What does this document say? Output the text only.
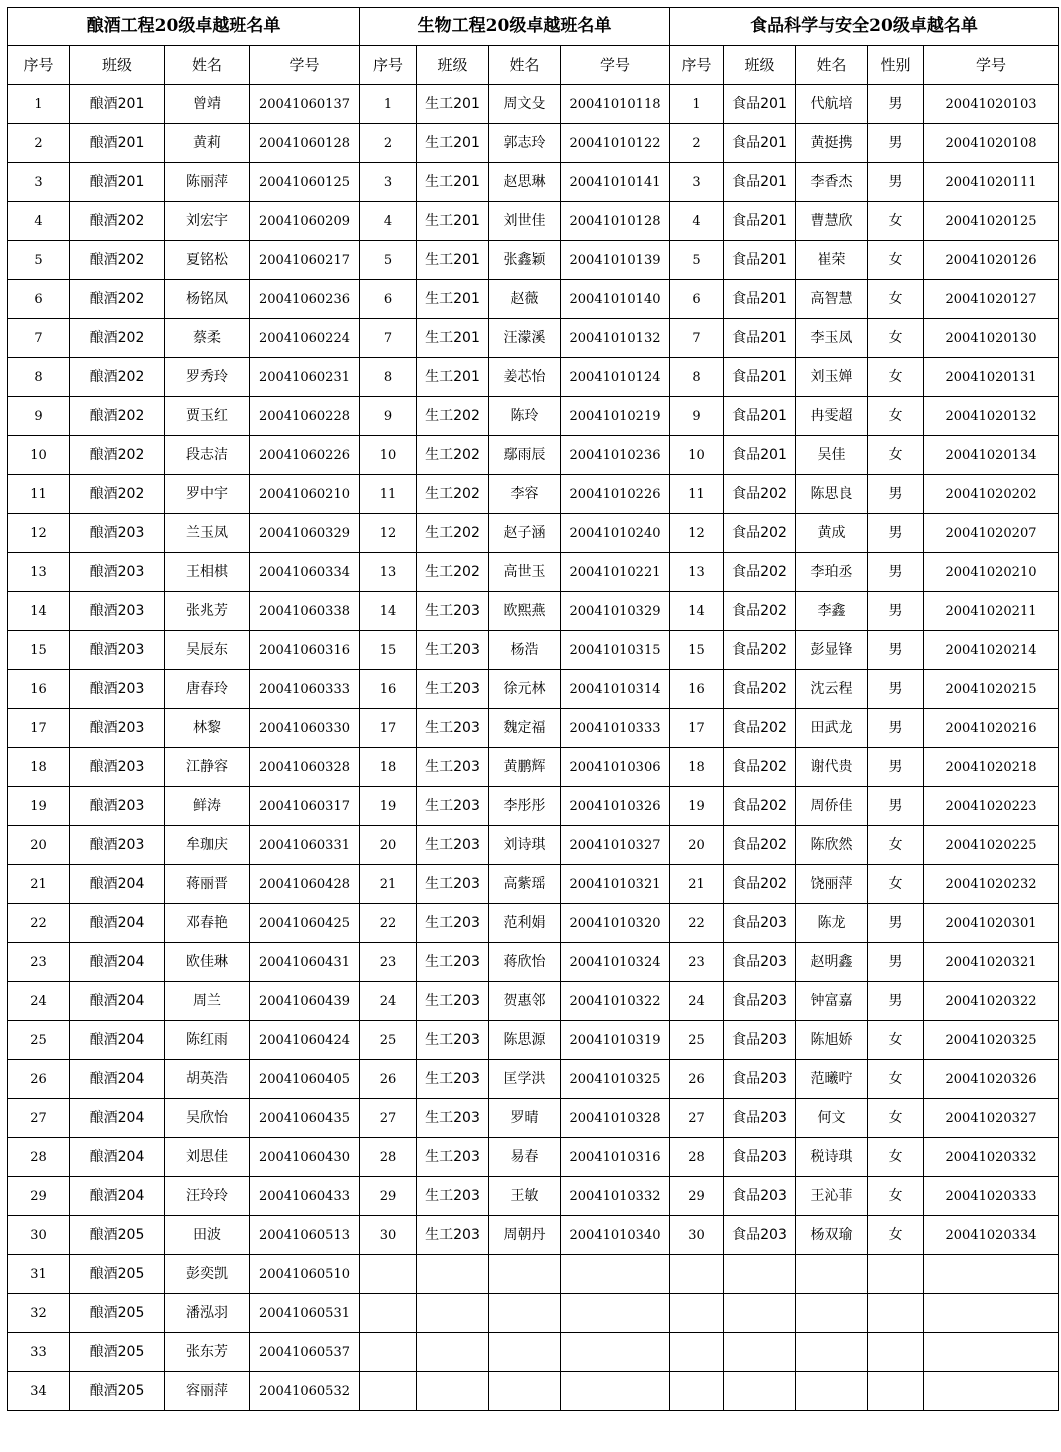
酿酒工程20级卓越班名单				生物工程20级卓越班名单				食品科学与安全20级卓越名单				
序号	班级	姓名	学号	序号	班级	姓名	学号	序号	班级	姓名	性别	学号
1	酿酒201	曾靖	20041060137	1	生工201	周文殳	20041010118	1	食品201	代航培	男	20041020103
2	酿酒201	黄莉	20041060128	2	生工201	郭志玲	20041010122	2	食品201	黄挺携	男	20041020108
3	酿酒201	陈丽萍	20041060125	3	生工201	赵思琳	20041010141	3	食品201	李香杰	男	20041020111
4	酿酒202	刘宏宇	20041060209	4	生工201	刘世佳	20041010128	4	食品201	曹慧欣	女	20041020125
5	酿酒202	夏铭松	20041060217	5	生工201	张鑫颖	20041010139	5	食品201	崔荣	女	20041020126
6	酿酒202	杨铭凤	20041060236	6	生工201	赵薇	20041010140	6	食品201	高智慧	女	20041020127
7	酿酒202	蔡柔	20041060224	7	生工201	汪濛溪	20041010132	7	食品201	李玉凤	女	20041020130
8	酿酒202	罗秀玲	20041060231	8	生工201	姜芯怡	20041010124	8	食品201	刘玉婵	女	20041020131
9	酿酒202	贾玉红	20041060228	9	生工202	陈玲	20041010219	9	食品201	冉雯超	女	20041020132
10	酿酒202	段志洁	20041060226	10	生工202	鄢雨辰	20041010236	10	食品201	吴佳	女	20041020134
11	酿酒202	罗中宇	20041060210	11	生工202	李容	20041010226	11	食品202	陈思良	男	20041020202
12	酿酒203	兰玉凤	20041060329	12	生工202	赵子涵	20041010240	12	食品202	黄成	男	20041020207
13	酿酒203	王相棋	20041060334	13	生工202	高世玉	20041010221	13	食品202	李珀丞	男	20041020210
14	酿酒203	张兆芳	20041060338	14	生工203	欧熙燕	20041010329	14	食品202	李鑫	男	20041020211
15	酿酒203	吴辰东	20041060316	15	生工203	杨浩	20041010315	15	食品202	彭显锋	男	20041020214
16	酿酒203	唐春玲	20041060333	16	生工203	徐元林	20041010314	16	食品202	沈云程	男	20041020215
17	酿酒203	林黎	20041060330	17	生工203	魏定福	20041010333	17	食品202	田武龙	男	20041020216
18	酿酒203	江静容	20041060328	18	生工203	黄鹏辉	20041010306	18	食品202	谢代贵	男	20041020218
19	酿酒203	鲜涛	20041060317	19	生工203	李彤彤	20041010326	19	食品202	周侨佳	男	20041020223
20	酿酒203	牟珈庆	20041060331	20	生工203	刘诗琪	20041010327	20	食品202	陈欣然	女	20041020225
21	酿酒204	蒋丽晋	20041060428	21	生工203	高紫瑶	20041010321	21	食品202	饶丽萍	女	20041020232
22	酿酒204	邓春艳	20041060425	22	生工203	范利娟	20041010320	22	食品203	陈龙	男	20041020301
23	酿酒204	欧佳琳	20041060431	23	生工203	蒋欣怡	20041010324	23	食品203	赵明鑫	男	20041020321
24	酿酒204	周兰	20041060439	24	生工203	贺惠邻	20041010322	24	食品203	钟富嘉	男	20041020322
25	酿酒204	陈红雨	20041060424	25	生工203	陈思源	20041010319	25	食品203	陈旭娇	女	20041020325
26	酿酒204	胡英浩	20041060405	26	生工203	匡学洪	20041010325	26	食品203	范曦咛	女	20041020326
27	酿酒204	吴欣怡	20041060435	27	生工203	罗晴	20041010328	27	食品203	何文	女	20041020327
28	酿酒204	刘思佳	20041060430	28	生工203	易春	20041010316	28	食品203	税诗琪	女	20041020332
29	酿酒204	汪玲玲	20041060433	29	生工203	王敏	20041010332	29	食品203	王沁菲	女	20041020333
30	酿酒205	田波	20041060513	30	生工203	周朝丹	20041010340	30	食品203	杨双瑜	女	20041020334
31	酿酒205	彭奕凯	20041060510									
32	酿酒205	潘泓羽	20041060531									
33	酿酒205	张东芳	20041060537									
34	酿酒205	容丽萍	20041060532									
